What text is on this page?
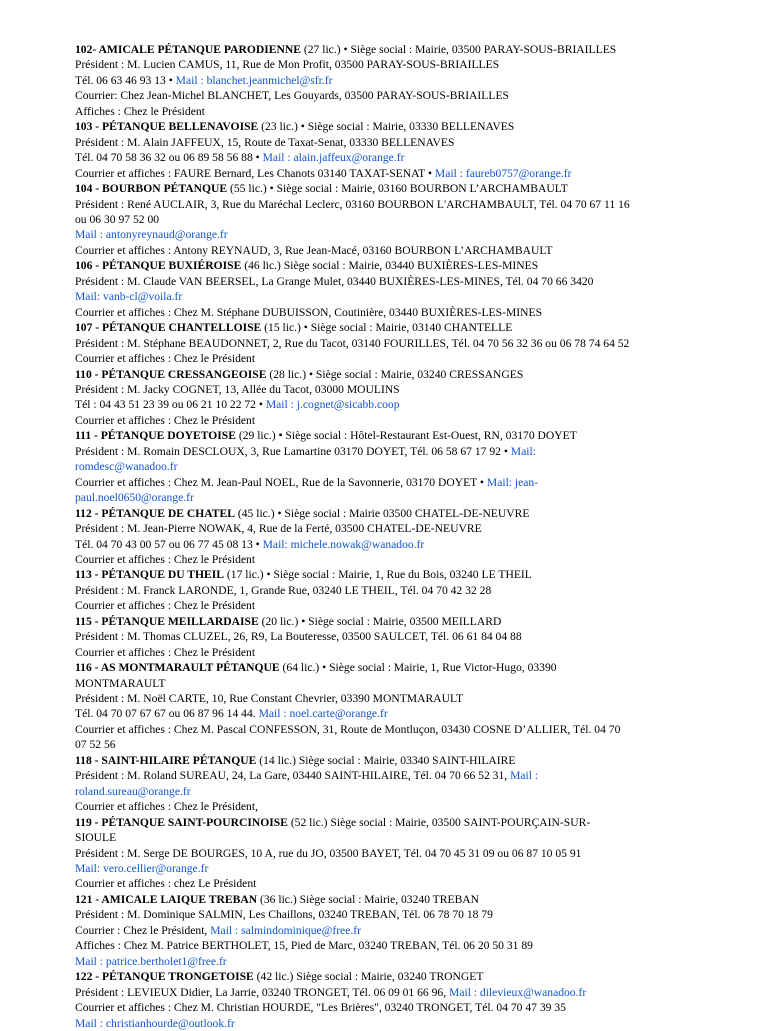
102- AMICALE PÉTANQUE PARODIENNE (27 lic.) • Siège social : Mairie, 03500 PARAY-SOUS-BRIAILLES
Président : M. Lucien CAMUS, 11, Rue de Mon Profit, 03500 PARAY-SOUS-BRIAILLES
Tél. 06 63 46 93 13 • Mail : blanchet.jeanmichel@sfr.fr
Courrier: Chez Jean-Michel BLANCHET, Les Gouyards, 03500 PARAY-SOUS-BRIAILLES
Affiches : Chez le Président
103 - PÉTANQUE BELLENAVOISE (23 lic.) • Siège social : Mairie, 03330 BELLENAVES
Président : M. Alain JAFFEUX, 15, Route de Taxat-Senat, 03330 BELLENAVES
Tél. 04 70 58 36 32 ou 06 89 58 56 88 • Mail : alain.jaffeux@orange.fr
Courrier et affiches : FAURE Bernard, Les Chanots 03140 TAXAT-SENAT • Mail : faureb0757@orange.fr
104 - BOURBON PÉTANQUE (55 lic.) • Siège social : Mairie, 03160 BOURBON L’ARCHAMBAULT
Président : René AUCLAIR, 3, Rue du Maréchal Leclerc, 03160 BOURBON L'ARCHAMBAULT, Tél. 04 70 67 11 16
ou 06 30 97 52 00
Mail : antonyreynaud@orange.fr
Courrier et affiches : Antony REYNAUD, 3, Rue Jean-Macé, 03160 BOURBON L’ARCHAMBAULT
106 - PÉTANQUE BUXIÉROISE (46 lic.) Siège social : Mairie, 03440 BUXIÈRES-LES-MINES
Président : M. Claude VAN BEERSEL, La Grange Mulet, 03440 BUXIÈRES-LES-MINES, Tél. 04 70 66 3420
Mail: vanb-cl@voila.fr
Courrier et affiches : Chez M. Stéphane DUBUISSON, Coutinière, 03440 BUXIÈRES-LES-MINES
107 - PÉTANQUE CHANTELLOISE (15 lic.) • Siège social : Mairie, 03140 CHANTELLE
Président : M. Stéphane BEAUDONNET, 2, Rue du Tacot, 03140 FOURILLES, Tél. 04 70 56 32 36 ou 06 78 74 64 52
Courrier et affiches : Chez le Président
110 - PÉTANQUE CRESSANGEOISE (28 lic.) • Siège social : Mairie, 03240 CRESSANGES
Président : M. Jacky COGNET, 13, Allée du Tacot, 03000 MOULINS
Tél : 04 43 51 23 39 ou 06 21 10 22 72 • Mail : j.cognet@sicabb.coop
Courrier et affiches : Chez le Président
111 - PÉTANQUE DOYETOISE (29 lic.) • Siège social : Hôtel-Restaurant Est-Ouest, RN, 03170 DOYET
Président : M. Romain DESCLOUX, 3, Rue Lamartine 03170 DOYET, Tél. 06 58 67 17 92 • Mail:
romdesc@wanadoo.fr
Courrier et affiches : Chez M. Jean-Paul NOEL, Rue de la Savonnerie, 03170 DOYET • Mail: jean-
paul.noel0650@orange.fr
112 - PÉTANQUE DE CHATEL (45 lic.) • Siège social : Mairie 03500 CHATEL-DE-NEUVRE
Président : M. Jean-Pierre NOWAK, 4, Rue de la Ferté, 03500 CHATEL-DE-NEUVRE
Tél. 04 70 43 00 57 ou 06 77 45 08 13 • Mail: michele.nowak@wanadoo.fr
Courrier et affiches : Chez le Président
113 - PÉTANQUE DU THEIL (17 lic.) • Siège social : Mairie, 1, Rue du Bois, 03240 LE THEIL
Président : M. Franck LARONDE, 1, Grande Rue, 03240 LE THEIL, Tél. 04 70 42 32 28
Courrier et affiches : Chez le Président
115 - PÉTANQUE MEILLARDAISE (20 lic.) • Siège social : Mairie, 03500 MEILLARD
Président : M. Thomas CLUZEL, 26, R9, La Bouteresse, 03500 SAULCET, Tél. 06 61 84 04 88
Courrier et affiches : Chez le Président
116 - AS MONTMARAULT PÉTANQUE (64 lic.) • Siège social : Mairie, 1, Rue Victor-Hugo, 03390
MONTMARAULT
Président : M. Noël CARTE, 10, Rue Constant Chevrier, 03390 MONTMARAULT
Tél. 04 70 07 67 67 ou 06 87 96 14 44. Mail : noel.carte@orange.fr
Courrier et affiches : Chez M. Pascal CONFESSON, 31, Route de Montluçon, 03430 COSNE D’ALLIER, Tél. 04 70
07 52 56
118 - SAINT-HILAIRE PÉTANQUE (14 lic.) Siège social : Mairie, 03340 SAINT-HILAIRE
Président : M. Roland SUREAU, 24, La Gare, 03440 SAINT-HILAIRE, Tél. 04 70 66 52 31, Mail :
roland.sureau@orange.fr
Courrier et affiches : Chez le Président,
119 - PÉTANQUE SAINT-POURCINOISE (52 lic.) Siège social : Mairie, 03500 SAINT-POURÇAIN-SUR-
SIOULE
Président : M. Serge DE BOURGES, 10 A, rue du JO, 03500 BAYET, Tél. 04 70 45 31 09 ou 06 87 10 05 91
Mail: vero.cellier@orange.fr
Courrier et affiches : chez Le Président
121 - AMICALE LAIQUE TREBAN (36 lic.) Siège social : Mairie, 03240 TREBAN
Président : M. Dominique SALMIN, Les Chaillons, 03240 TREBAN, Tél. 06 78 70 18 79
Courrier : Chez le Président, Mail : salmindominique@free.fr
Affiches : Chez M. Patrice BERTHOLET, 15, Pied de Marc, 03240 TREBAN, Tél. 06 20 50 31 89
Mail : patrice.bertholet1@free.fr
122 - PÉTANQUE TRONGETOISE (42 lic.) Siège social : Mairie, 03240 TRONGET
Président : LEVIEUX Didier, La Jarrie, 03240 TRONGET, Tél. 06 09 01 66 96, Mail : dilevieux@wanadoo.fr
Courrier et affiches : Chez M. Christian HOURDE, "Les Brières", 03240 TRONGET, Tél. 04 70 47 39 35
Mail : christianhourde@outlook.fr
